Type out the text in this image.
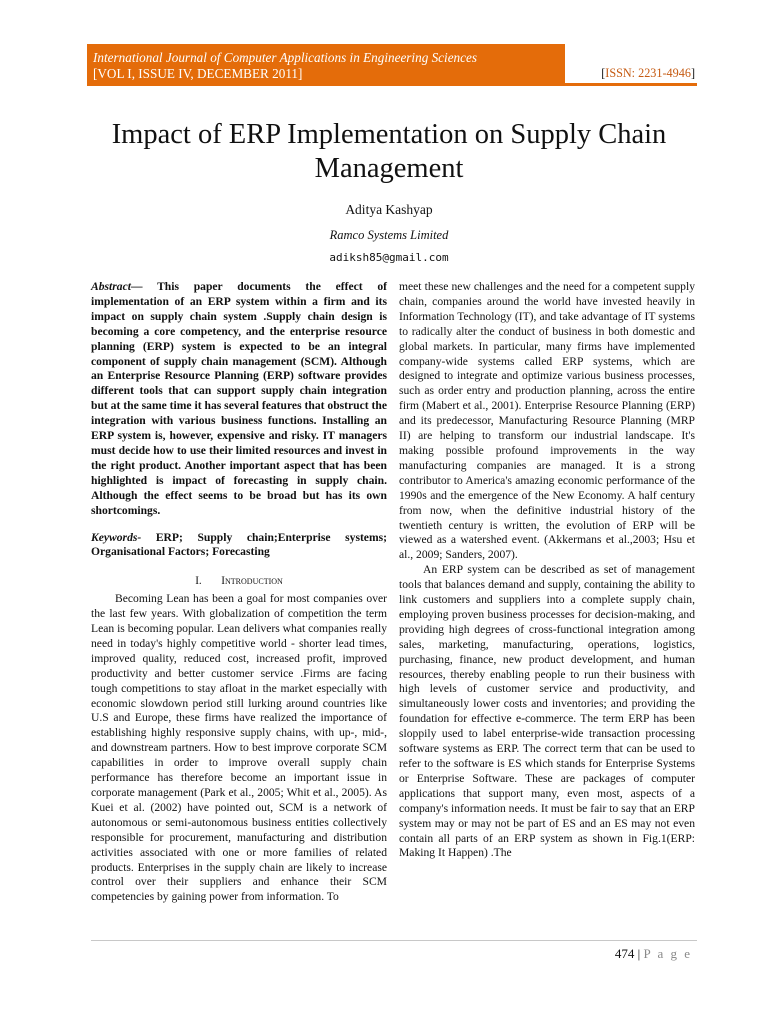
International Journal of Computer Applications in Engineering Sciences
[VOL I, ISSUE IV, DECEMBER 2011]	[ISSN: 2231-4946]
Impact of ERP Implementation on Supply Chain Management
Aditya Kashyap
Ramco Systems Limited
adiksh85@gmail.com

Abstract— This paper documents the effect of implementation of an ERP system within a firm and its impact on supply chain system .Supply chain design is becoming a core competency, and the enterprise resource planning (ERP) system is expected to be an integral component of supply chain management (SCM). Although an Enterprise Resource Planning (ERP) software provides different tools that can support supply chain integration but at the same time it has several features that obstruct the integration with various business functions. Installing an ERP system is, however, expensive and risky. IT managers must decide how to use their limited resources and invest in the right product. Another important aspect that has been highlighted is impact of forecasting in supply chain. Although the effect seems to be broad but has its own shortcomings.

Keywords- ERP; Supply chain;Enterprise systems; Organisational Factors; Forecasting

I. Introduction

Becoming Lean has been a goal for most companies over the last few years. With globalization of competition the term Lean is becoming popular. Lean delivers what companies really need in today's highly competitive world - shorter lead times, improved quality, reduced cost, increased profit, improved productivity and better customer service .Firms are facing tough competitions to stay afloat in the market especially with economic slowdown period still lurking around countries like U.S and Europe, these firms have realized the importance of establishing highly responsive supply chains, with up-, mid-, and downstream partners. How to best improve corporate SCM capabilities in order to improve overall supply chain performance has therefore become an important issue in corporate management (Park et al., 2005; Whit et al., 2005). As Kuei et al. (2002) have pointed out, SCM is a network of autonomous or semi-autonomous business entities collectively responsible for procurement, manufacturing and distribution activities associated with one or more families of related products. Enterprises in the supply chain are likely to increase control over their suppliers and enhance their SCM competencies by gaining power from information. To

meet these new challenges and the need for a competent supply chain, companies around the world have invested heavily in Information Technology (IT), and take advantage of IT systems to radically alter the conduct of business in both domestic and global markets. In particular, many firms have implemented company-wide systems called ERP systems, which are designed to integrate and optimize various business processes, such as order entry and production planning, across the entire firm (Mabert et al., 2001). Enterprise Resource Planning (ERP) and its predecessor, Manufacturing Resource Planning (MRP II) are helping to transform our industrial landscape. It's making possible profound improvements in the way manufacturing companies are managed. It is a strong contributor to America's amazing economic performance of the 1990s and the emergence of the New Economy. A half century from now, when the definitive industrial history of the twentieth century is written, the evolution of ERP will be viewed as a watershed event. (Akkermans et al.,2003; Hsu et al., 2009; Sanders, 2007).

An ERP system can be described as set of management tools that balances demand and supply, containing the ability to link customers and suppliers into a complete supply chain, employing proven business processes for decision-making, and providing high degrees of cross-functional integration among sales, marketing, manufacturing, operations, logistics, purchasing, finance, new product development, and human resources, thereby enabling people to run their business with high levels of customer service and productivity, and simultaneously lower costs and inventories; and providing the foundation for effective e-commerce. The term ERP has been sloppily used to label enterprise-wide transaction processing software systems as ERP. The correct term that can be used to refer to the software is ES which stands for Enterprise Systems or Enterprise Software. These are packages of computer applications that support many, even most, aspects of a company's information needs. It must be fair to say that an ERP system may or may not be part of ES and an ES may not even contain all parts of an ERP system as shown in Fig.1(ERP: Making It Happen) .The

474 | P a g e
